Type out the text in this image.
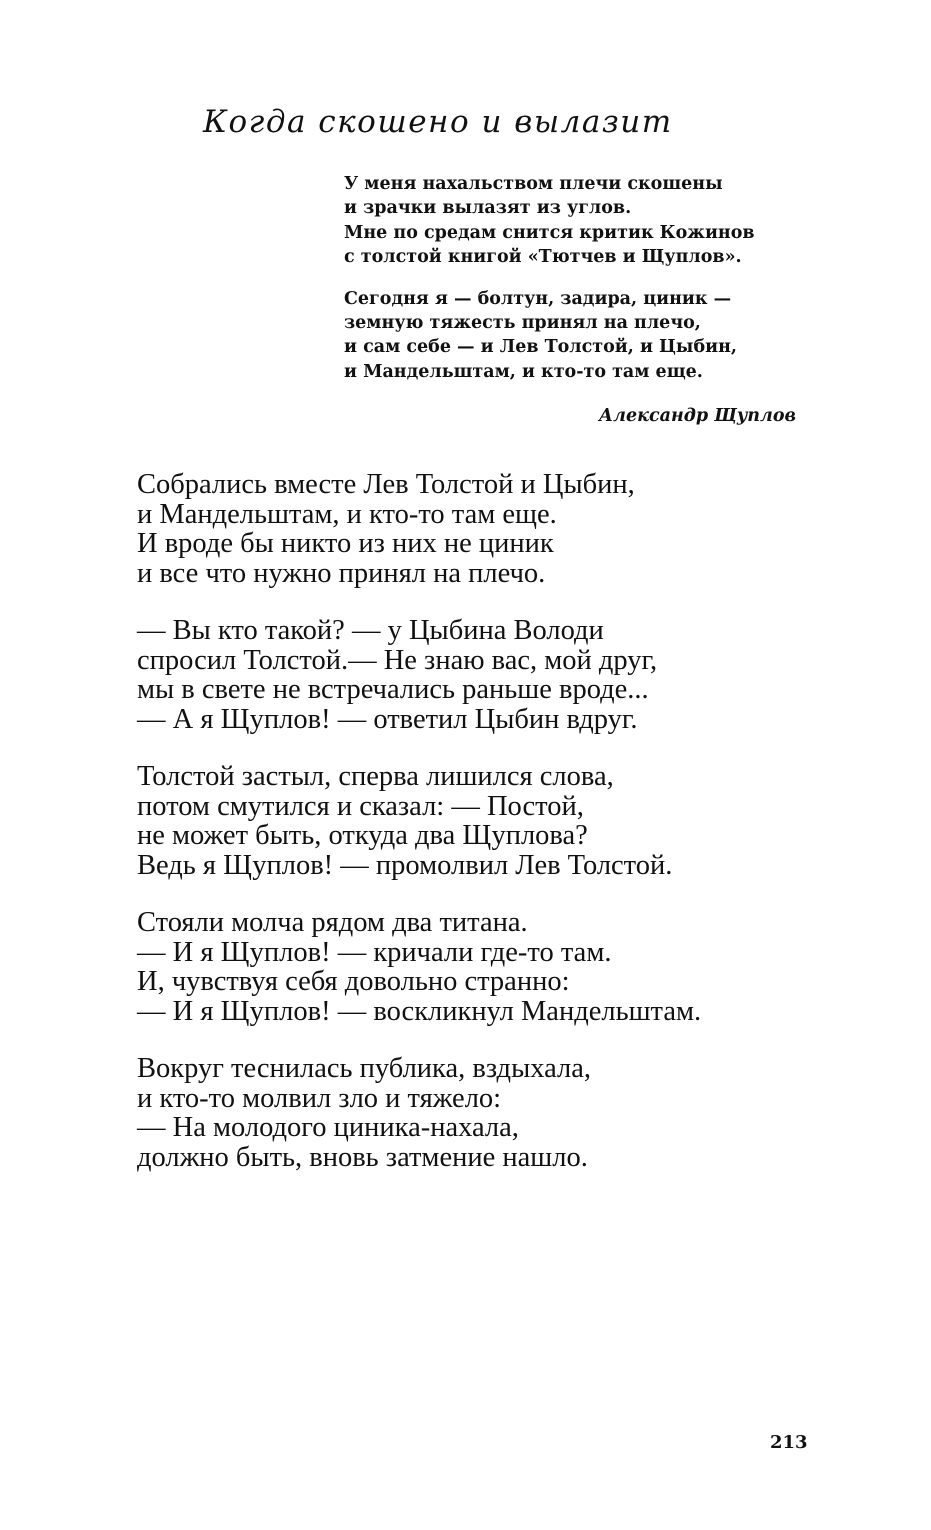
Когда скошено и вылазит
У меня нахальством плечи скошены
и зрачки вылазят из углов.
Мне по средам снится критик Кожинов
с толстой книгой «Тютчев и Щуплов».
Сегодня я — болтун, задира, циник —
земную тяжесть принял на плечо,
и сам себе — и Лев Толстой, и Цыбин,
и Мандельштам, и кто-то там еще.
Александр Щуплов
Собрались вместе Лев Толстой и Цыбин,
и Мандельштам, и кто-то там еще.
И вроде бы никто из них не циник
и все что нужно принял на плечо.
— Вы кто такой? — у Цыбина Володи
спросил Толстой.— Не знаю вас, мой друг,
мы в свете не встречались раньше вроде...
— А я Щуплов! — ответил Цыбин вдруг.
Толстой застыл, сперва лишился слова,
потом смутился и сказал: — Постой,
не может быть, откуда два Щуплова?
Ведь я Щуплов! — промолвил Лев Толстой.
Стояли молча рядом два титана.
— И я Щуплов! — кричали где-то там.
И, чувствуя себя довольно странно:
— И я Щуплов! — воскликнул Мандельштам.
Вокруг теснилась публика, вздыхала,
и кто-то молвил зло и тяжело:
— На молодого циника-нахала,
должно быть, вновь затмение нашло.
213
